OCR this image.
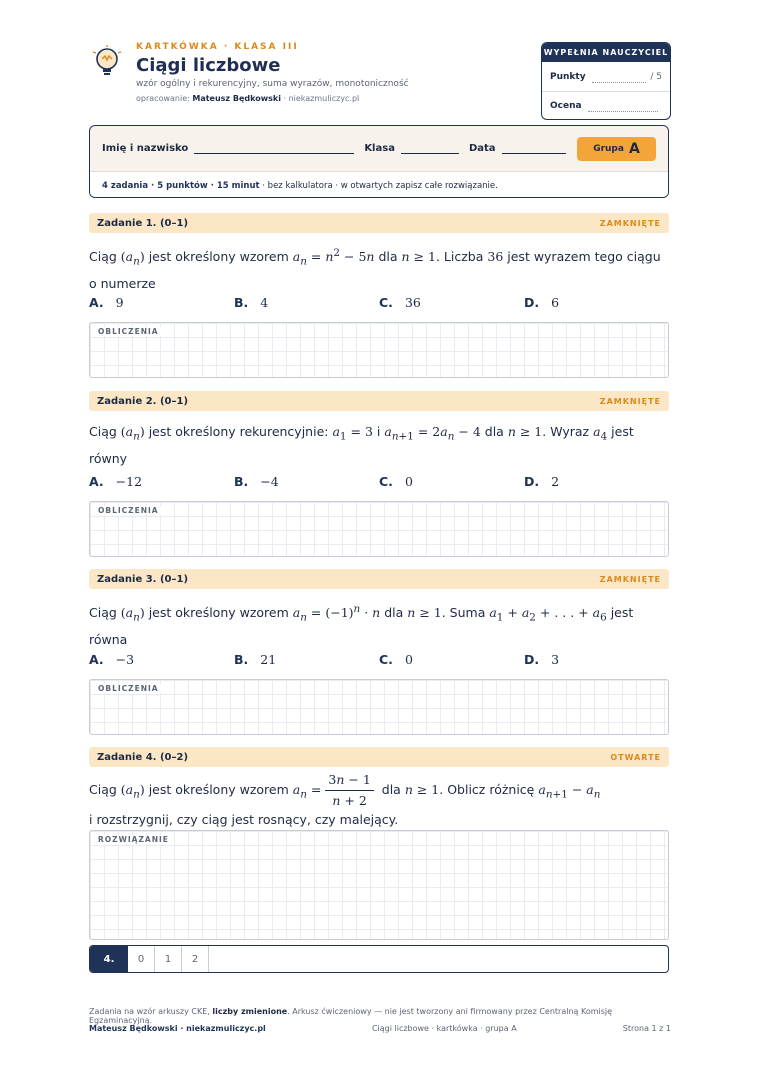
KARTKÓWKA · KLASA III
Ciągi liczbowe
wzór ogólny i rekurencyjny, suma wyrazów, monotoniczność
opracowanie: Mateusz Będkowski · niekazmuliczyc.pl
WYPEŁNIA NAUCZYCIEL
Punkty	/ 5
Ocena
Imię i nazwisko	Klasa	Data	Grupa A
4 zadania · 5 punktów · 15 minut
· bez kalkulatora · w otwartych zapisz całe rozwiązanie.
Zadanie 1. (0–1)	ZAMKNIĘTE
Ciąg $(a_n)$ jest określony wzorem $a_n = n^2 - 5n$ dla n ≥ 1. Liczba 36 jest wyrazem tego ciągu o numerze
A. 9	B. 4	C. 36	D. 6
OBLICZENIA
Zadanie 2. (0–1)	ZAMKNIĘTE
Ciąg $(a_n)$ jest określony rekurencyjnie: $a_1 = 3$ i $a_{n+1} = 2a_n - 4$ dla n ≥ 1. Wyraz $a_4$ jest równy
A. −12	B. −4	C. 0	D. 2
OBLICZENIA
Zadanie 3. (0–1)	ZAMKNIĘTE
Ciąg $(a_n)$ jest określony wzorem $a_n = (-1)^n \cdot n$ dla n ≥ 1. Suma $a_1 + a_2$ + . . . + $a_6$ jest równa
A. −3	B. 21	C. 0	D. 3
OBLICZENIA
Zadanie 4. (0–2)	OTWARTE
Ciąg $(a_n)$ jest określony wzorem $a_n = \frac{3n - 1}{n + 2}$ dla n ≥ 1. Oblicz różnicę $a_{n+1} - a_n$
i rozstrzygnij, czy ciąg jest rosnący, czy malejący.
ROZWIĄZANIE
4.	0	1	2
Zadania na wzór arkuszy CKE, liczby zmienione. Arkusz ćwiczeniowy — nie jest tworzony ani firmowany przez Centralną Komisję Egzaminacyjną.
Mateusz Będkowski · niekazmuliczyc.pl	Ciągi liczbowe · kartkówka · grupa A	Strona 1 z 1
